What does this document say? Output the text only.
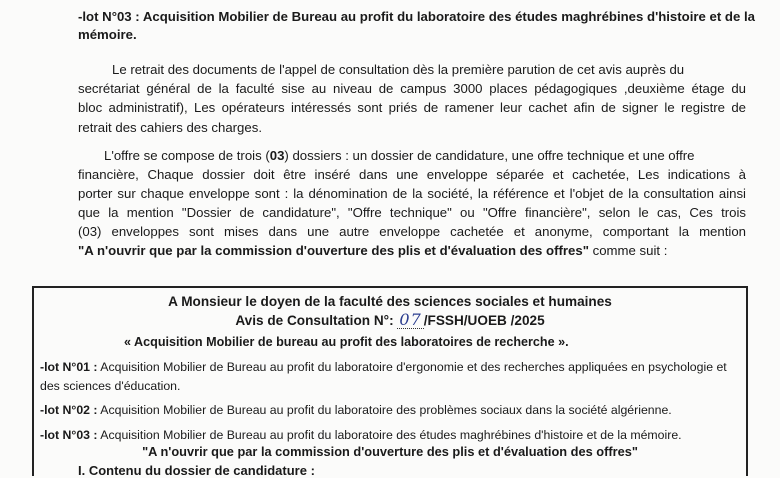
-lot N°03 : Acquisition Mobilier de Bureau au profit du laboratoire des études maghrébines d'histoire et de la
mémoire.
Le retrait des documents de l'appel de consultation dès la première parution de cet avis auprès du
secrétariat général de la faculté sise au niveau de campus 3000 places pédagogiques ,deuxième étage du
bloc administratif), Les opérateurs intéressés sont priés de ramener leur cachet afin de signer le registre de
retrait des cahiers des charges.
L'offre se compose de trois (03) dossiers : un dossier de candidature, une offre technique et une offre
financière, Chaque dossier doit être inséré dans une enveloppe séparée et cachetée, Les indications à
porter sur chaque enveloppe sont : la dénomination de la société, la référence et l'objet de la consultation ainsi
que la mention "Dossier de candidature", "Offre technique" ou "Offre financière", selon le cas, Ces trois
(03) enveloppes sont mises dans une autre enveloppe cachetée et anonyme, comportant la mention
"A n'ouvrir que par la commission d'ouverture des plis et d'évaluation des offres" comme suit :
A Monsieur le doyen de la faculté des sciences sociales et humaines
Avis de Consultation N°: 07 /FSSH/UOEB /2025
« Acquisition Mobilier de bureau au profit des laboratoires de recherche ».
-lot N°01 : Acquisition Mobilier de Bureau au profit du laboratoire d'ergonomie et des recherches appliquées en psychologie et
des sciences d'éducation.
-lot N°02 : Acquisition Mobilier de Bureau au profit du laboratoire des problèmes sociaux dans la société algérienne.
-lot N°03 : Acquisition Mobilier de Bureau au profit du laboratoire des études maghrébines d'histoire et de la mémoire.
"A n'ouvrir que par la commission d'ouverture des plis et d'évaluation des offres"
I. Contenu du dossier de candidature :
